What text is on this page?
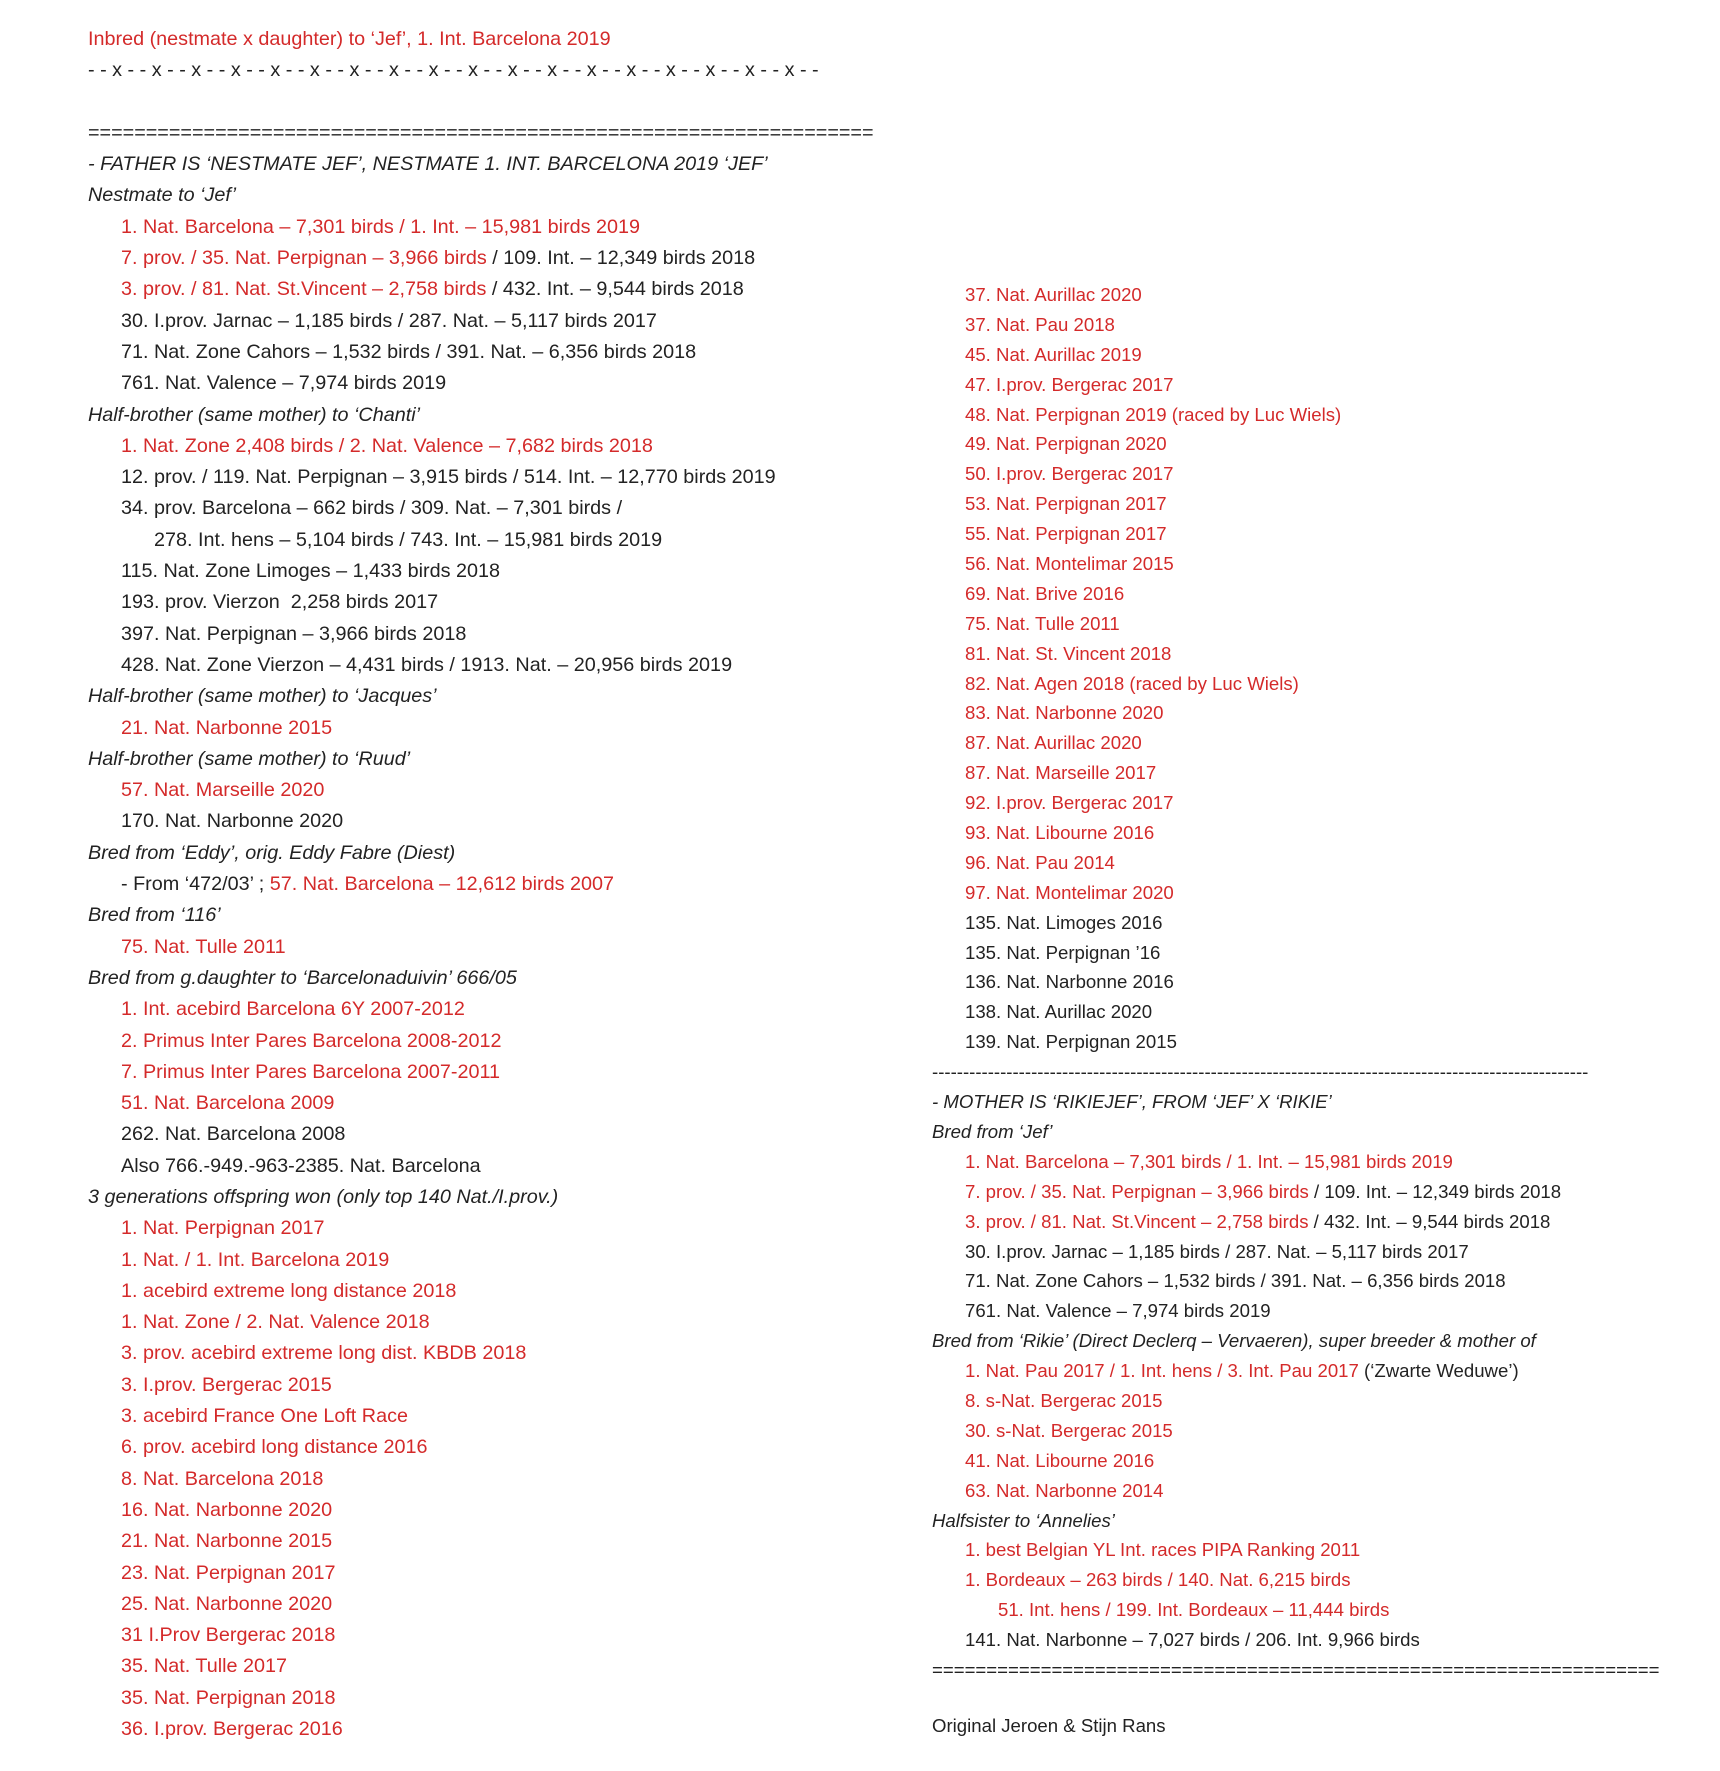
Inbred (nestmate x daughter) to ‘Jef’, 1. Int. Barcelona 2019
- - x - - x - - x - - x - - x - - x - - x - - x - - x - - x - - x - - x - - x - - x - - x - - x - - x - - x - -
====================================================================
- FATHER IS ‘NESTMATE JEF’, NESTMATE 1. INT. BARCELONA 2019 ‘JEF’
Nestmate to ‘Jef’
1. Nat. Barcelona – 7,301 birds / 1. Int. – 15,981 birds 2019
7. prov. / 35. Nat. Perpignan – 3,966 birds / 109. Int. – 12,349 birds 2018
3. prov. / 81. Nat. St.Vincent – 2,758 birds / 432. Int. – 9,544 birds 2018
30. I.prov. Jarnac – 1,185 birds / 287. Nat. – 5,117 birds 2017
71. Nat. Zone Cahors – 1,532 birds / 391. Nat. – 6,356 birds 2018
761. Nat. Valence – 7,974 birds 2019
Half-brother (same mother) to ‘Chanti’
1. Nat. Zone 2,408 birds / 2. Nat. Valence – 7,682 birds 2018
12. prov. / 119. Nat. Perpignan – 3,915 birds / 514. Int. – 12,770 birds 2019
34. prov. Barcelona – 662 birds / 309. Nat. – 7,301 birds /
278. Int. hens – 5,104 birds / 743. Int. – 15,981 birds 2019
115. Nat. Zone Limoges – 1,433 birds 2018
193. prov. Vierzon  2,258 birds 2017
397. Nat. Perpignan – 3,966 birds 2018
428. Nat. Zone Vierzon – 4,431 birds / 1913. Nat. – 20,956 birds 2019
Half-brother (same mother) to ‘Jacques’
21. Nat. Narbonne 2015
Half-brother (same mother) to ‘Ruud’
57. Nat. Marseille 2020
170. Nat. Narbonne 2020
Bred from ‘Eddy’, orig. Eddy Fabre (Diest)
- From ‘472/03’ ; 57. Nat. Barcelona – 12,612 birds 2007
Bred from ‘116’
75. Nat. Tulle 2011
Bred from g.daughter to ‘Barcelonaduivin’ 666/05
1. Int. acebird Barcelona 6Y 2007-2012
2. Primus Inter Pares Barcelona 2008-2012
7. Primus Inter Pares Barcelona 2007-2011
51. Nat. Barcelona 2009
262. Nat. Barcelona 2008
Also 766.-949.-963-2385. Nat. Barcelona
3 generations offspring won (only top 140 Nat./I.prov.)
1. Nat. Perpignan 2017
1. Nat. / 1. Int. Barcelona 2019
1. acebird extreme long distance 2018
1. Nat. Zone / 2. Nat. Valence 2018
3. prov. acebird extreme long dist. KBDB 2018
3. I.prov. Bergerac 2015
3. acebird France One Loft Race
6. prov. acebird long distance 2016
8. Nat. Barcelona 2018
16. Nat. Narbonne 2020
21. Nat. Narbonne 2015
23. Nat. Perpignan 2017
25. Nat. Narbonne 2020
31 I.Prov Bergerac 2018
35. Nat. Tulle 2017
35. Nat. Perpignan 2018
36. I.prov. Bergerac 2016
37. Nat. Aurillac 2020
37. Nat. Pau 2018
45. Nat. Aurillac 2019
47. I.prov. Bergerac 2017
48. Nat. Perpignan 2019 (raced by Luc Wiels)
49. Nat. Perpignan 2020
50. I.prov. Bergerac 2017
53. Nat. Perpignan 2017
55. Nat. Perpignan 2017
56. Nat. Montelimar 2015
69. Nat. Brive 2016
75. Nat. Tulle 2011
81. Nat. St. Vincent 2018
82. Nat. Agen 2018 (raced by Luc Wiels)
83. Nat. Narbonne 2020
87. Nat. Aurillac 2020
87. Nat. Marseille 2017
92. I.prov. Bergerac 2017
93. Nat. Libourne 2016
96. Nat. Pau 2014
97. Nat. Montelimar 2020
135. Nat. Limoges 2016
135. Nat. Perpignan ’16
136. Nat. Narbonne 2016
138. Nat. Aurillac 2020
139. Nat. Perpignan 2015
----------------------------------------------------------------------------------------------------------
- MOTHER IS ‘RIKIEJEF’, FROM ‘JEF’ X ‘RIKIE’
Bred from ‘Jef’
1. Nat. Barcelona – 7,301 birds / 1. Int. – 15,981 birds 2019
7. prov. / 35. Nat. Perpignan – 3,966 birds / 109. Int. – 12,349 birds 2018
3. prov. / 81. Nat. St.Vincent – 2,758 birds / 432. Int. – 9,544 birds 2018
30. I.prov. Jarnac – 1,185 birds / 287. Nat. – 5,117 birds 2017
71. Nat. Zone Cahors – 1,532 birds / 391. Nat. – 6,356 birds 2018
761. Nat. Valence – 7,974 birds 2019
Bred from ‘Rikie’ (Direct Declerq – Vervaeren), super breeder & mother of
1. Nat. Pau 2017 / 1. Int. hens / 3. Int. Pau 2017 (‘Zwarte Weduwe’)
8. s-Nat. Bergerac 2015
30. s-Nat. Bergerac 2015
41. Nat. Libourne 2016
63. Nat. Narbonne 2014
Halfsister to ‘Annelies’
1. best Belgian YL Int. races PIPA Ranking 2011
1. Bordeaux – 263 birds / 140. Nat. 6,215 birds
51. Int. hens / 199. Int. Bordeaux – 11,444 birds
141. Nat. Narbonne – 7,027 birds / 206. Int. 9,966 birds
===================================================================
Original Jeroen & Stijn Rans
